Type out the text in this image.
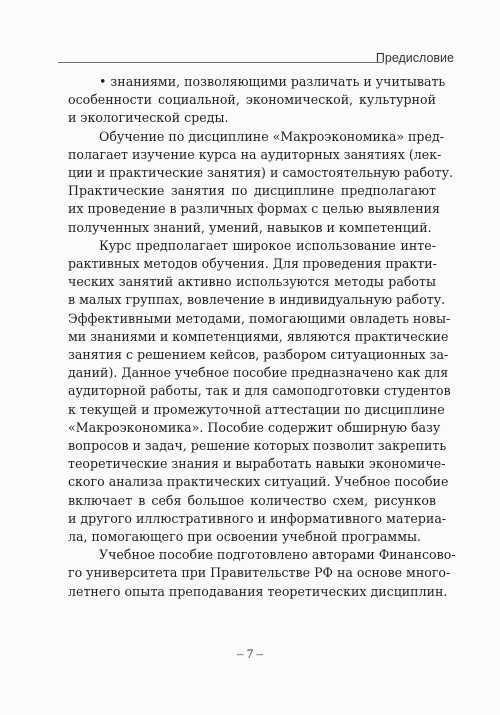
Предисловие
• знаниями, позволяющими различать и учитывать
особенности социальной, экономической, культурной
и экологической среды.
Обучение по дисциплине «Макроэкономика» пред-
полагает изучение курса на аудиторных занятиях (лек-
ции и практические занятия) и самостоятельную работу.
Практические занятия по дисциплине предполагают
их проведение в различных формах с целью выявления
полученных знаний, умений, навыков и компетенций.
Курс предполагает широкое использование инте-
рактивных методов обучения. Для проведения практи-
ческих занятий активно используются методы работы
в малых группах, вовлечение в индивидуальную работу.
Эффективными методами, помогающими овладеть новы-
ми знаниями и компетенциями, являются практические
занятия с решением кейсов, разбором ситуационных за-
даний). Данное учебное пособие предназначено как для
аудиторной работы, так и для самоподготовки студентов
к текущей и промежуточной аттестации по дисциплине
«Макроэкономика». Пособие содержит обширную базу
вопросов и задач, решение которых позволит закрепить
теоретические знания и выработать навыки экономиче-
ского анализа практических ситуаций. Учебное пособие
включает в себя большое количество схем, рисунков
и другого иллюстративного и информативного материа-
ла, помогающего при освоении учебной программы.
Учебное пособие подготовлено авторами Финансово-
го университета при Правительстве РФ на основе много-
летнего опыта преподавания теоретических дисциплин.
– 7 –
